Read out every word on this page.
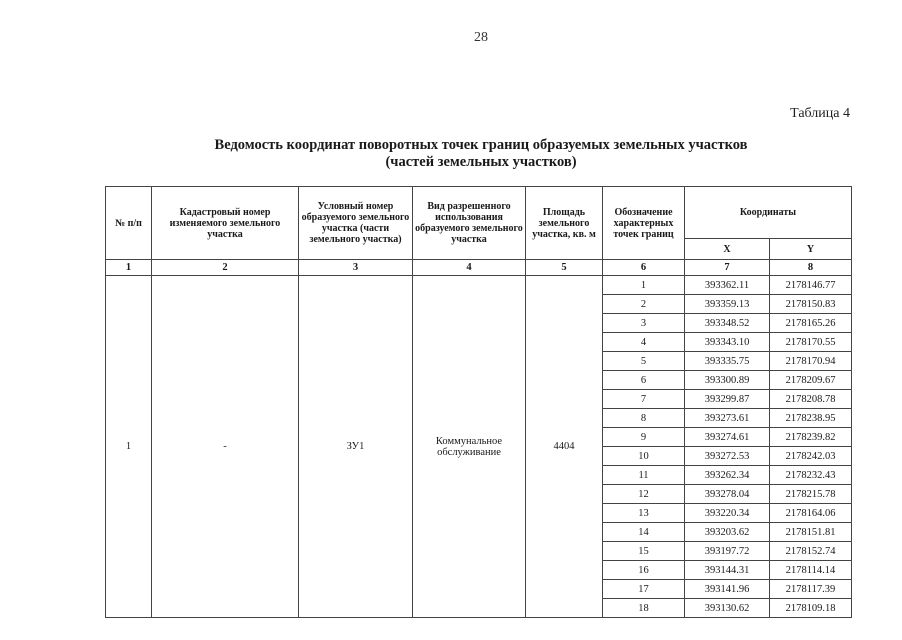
28
Таблица 4
Ведомость координат поворотных точек границ образуемых земельных участков
(частей земельных участков)
№ п/п	Кадастровый номер изменяемого земельного участка	Условный номер образуемого земельного участка (части земельного участка)	Вид разрешенного использования образуемого земельного участка	Площадь земельного участка, кв. м	Обозначение характерных точек границ	Координаты	
						X	Y
1	2	3	4	5	6	7	8
1	-	ЗУ1	Коммунальное обслуживание	4404	1	393362.11	2178146.77
					2	393359.13	2178150.83
					3	393348.52	2178165.26
					4	393343.10	2178170.55
					5	393335.75	2178170.94
					6	393300.89	2178209.67
					7	393299.87	2178208.78
					8	393273.61	2178238.95
					9	393274.61	2178239.82
					10	393272.53	2178242.03
					11	393262.34	2178232.43
					12	393278.04	2178215.78
					13	393220.34	2178164.06
					14	393203.62	2178151.81
					15	393197.72	2178152.74
					16	393144.31	2178114.14
					17	393141.96	2178117.39
					18	393130.62	2178109.18
